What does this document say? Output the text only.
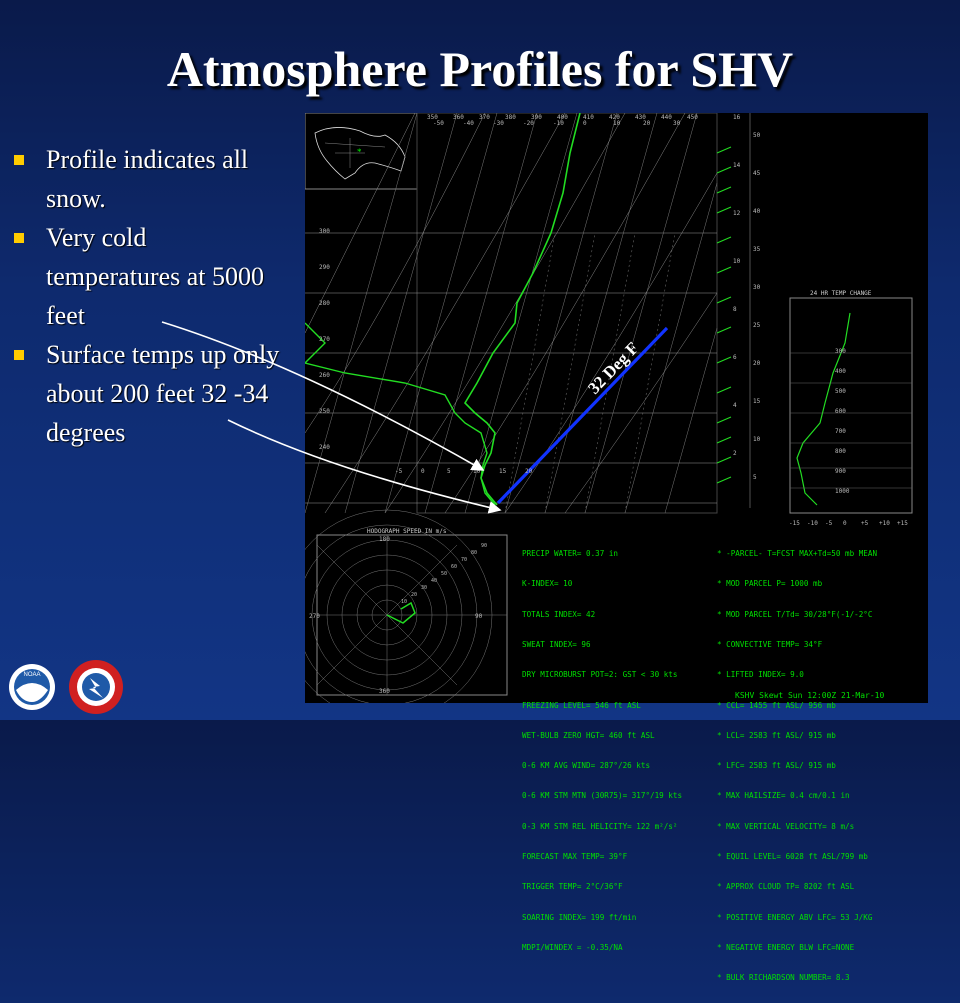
Atmosphere Profiles for SHV
Profile indicates all snow.
Very cold temperatures at 5000 feet
Surface temps up only about 200 feet 32 -34 degrees
*
32 Deg F
24 HR TEMP CHANGE
HODOGRAPH SPEED IN m/s
350	360	370	380	390	400	410	420	430	440	450
-50	-40	-30	-20	-10	0	10	20	30
16
14
12
10
8
6
4
2
50
45
40
35
30
25
20
15
10
5
300
400
500
600
700
800
900
1000
-15 -10 -5 0 +5 +10 +15
180
90
270
360
10
20
30
40
50
60
70
80
90
300
290
280
270
260
250
240
-5	0	5	10	15	20

PRECIP WATER= 0.37 in

K-INDEX= 10

TOTALS INDEX= 42

SWEAT INDEX= 96

DRY MICROBURST POT=2: GST < 30 kts

FREEZING LEVEL= 546 ft ASL

WET-BULB ZERO HGT= 460 ft ASL

0-6 KM AVG WIND= 287°/26 kts

0-6 KM STM MTN (30R75)= 317°/19 kts

0-3 KM STM REL HELICITY= 122 m²/s²

FORECAST MAX TEMP= 39°F

TRIGGER TEMP= 2°C/36°F

SOARING INDEX= 199 ft/min

MDPI/WINDEX = -0.35/NA

* -PARCEL- T=FCST MAX+Td=50 mb MEAN

* MOD PARCEL P= 1000 mb

* MOD PARCEL T/Td= 30/28°F(-1/-2°C

* CONVECTIVE TEMP= 34°F

* LIFTED INDEX= 9.0

* CCL= 1455 ft ASL/ 956 mb

* LCL= 2583 ft ASL/ 915 mb

* LFC= 2583 ft ASL/ 915 mb

* MAX HAILSIZE= 0.4 cm/0.1 in

* MAX VERTICAL VELOCITY= 8 m/s

* EQUIL LEVEL= 6028 ft ASL/799 mb

* APPROX CLOUD TP= 8202 ft ASL

* POSITIVE ENERGY ABV LFC= 53 J/KG

* NEGATIVE ENERGY BLW LFC=NONE

* BULK RICHARDSON NUMBER= 8.3

KSHV Skewt Sun 12:00Z 21-Mar-10
NOAA
